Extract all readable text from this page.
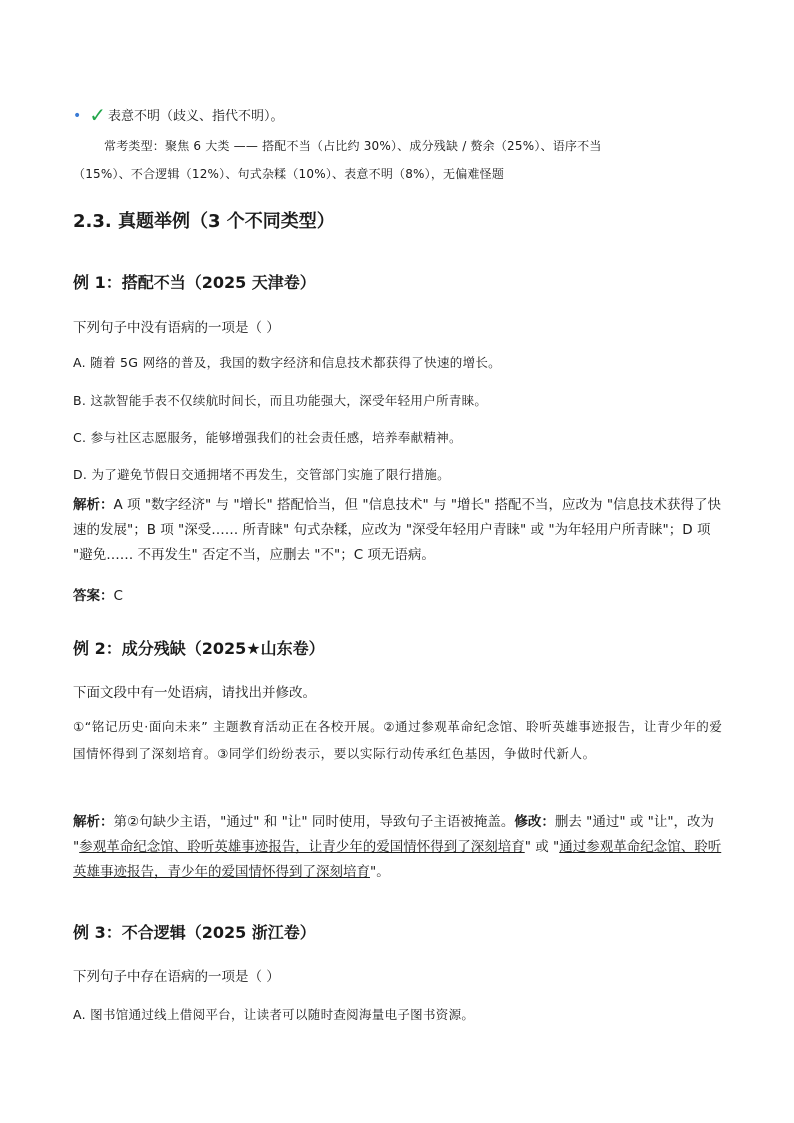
• ✓ 表意不明（歧义、指代不明）。
常考类型：聚焦 6 大类 —— 搭配不当（占比约 30%）、成分残缺 / 赘余（25%）、语序不当
（15%）、不合逻辑（12%）、句式杂糅（10%）、表意不明（8%），无偏难怪题
2.3. 真题举例（3 个不同类型）
例 1：搭配不当（2025 天津卷）
下列句子中没有语病的一项是（ ）
A. 随着 5G 网络的普及，我国的数字经济和信息技术都获得了快速的增长。
B. 这款智能手表不仅续航时间长，而且功能强大，深受年轻用户所青睐。
C. 参与社区志愿服务，能够增强我们的社会责任感，培养奉献精神。
D. 为了避免节假日交通拥堵不再发生，交管部门实施了限行措施。
解析：A 项 "数字经济" 与 "增长" 搭配恰当，但 "信息技术" 与 "增长" 搭配不当，应改为 "信息技术获得了快速的发展"；B 项 "深受…… 所青睐" 句式杂糅，应改为 "深受年轻用户青睐" 或 "为年轻用户所青睐"；D 项 "避免…… 不再发生" 否定不当，应删去 "不"；C 项无语病。
答案：C
例 2：成分残缺（2025★山东卷）
下面文段中有一处语病，请找出并修改。
①“铭记历史·面向未来” 主题教育活动正在各校开展。②通过参观革命纪念馆、聆听英雄事迹报告，让青少年的爱国情怀得到了深刻培育。③同学们纷纷表示，要以实际行动传承红色基因，争做时代新人。
解析：第②句缺少主语，"通过" 和 "让" 同时使用，导致句子主语被掩盖。修改：删去 "通过" 或 "让"，改为 "参观革命纪念馆、聆听英雄事迹报告，让青少年的爱国情怀得到了深刻培育" 或 "通过参观革命纪念馆、聆听英雄事迹报告，青少年的爱国情怀得到了深刻培育"。
例 3：不合逻辑（2025 浙江卷）
下列句子中存在语病的一项是（ ）
A. 图书馆通过线上借阅平台，让读者可以随时查阅海量电子图书资源。
